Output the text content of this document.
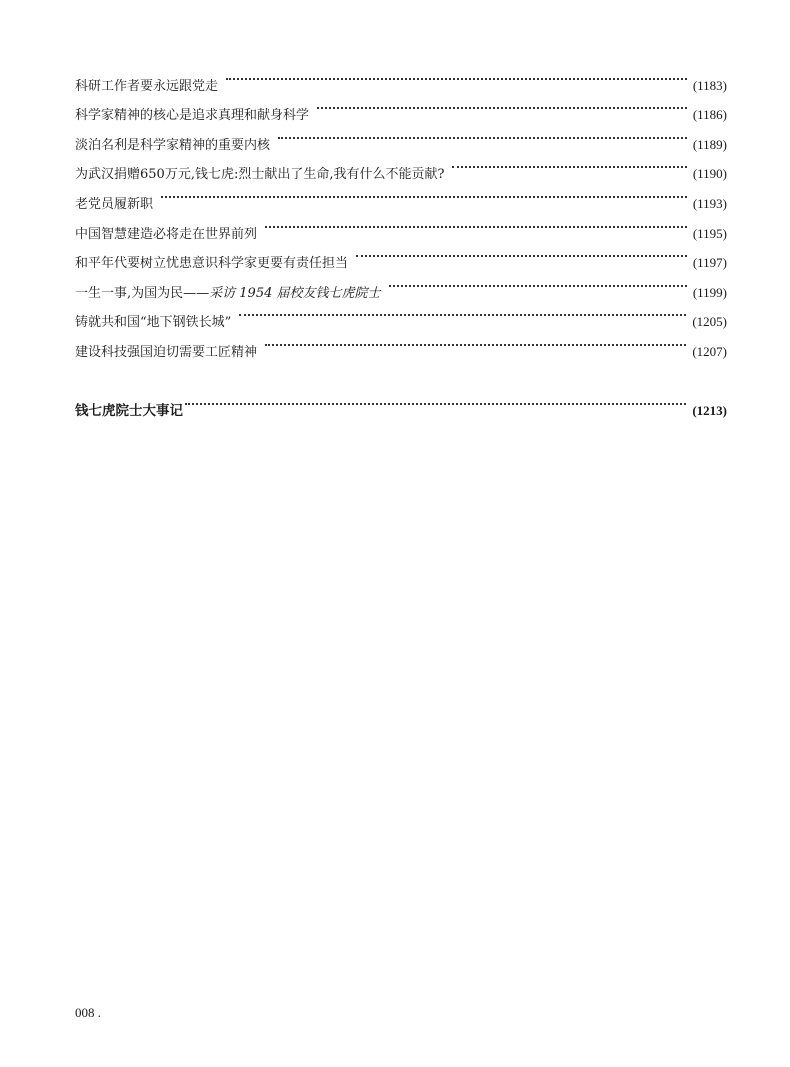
科研工作者要永远跟党走	(1183)
科学家精神的核心是追求真理和献身科学	(1186)
淡泊名利是科学家精神的重要内核	(1189)
为武汉捐赠650万元,钱七虎:烈士献出了生命,我有什么不能贡献?	(1190)
老党员履新职	(1193)
中国智慧建造必将走在世界前列	(1195)
和平年代要树立忧患意识科学家更要有责任担当	(1197)
一生一事,为国为民——采访 1954 届校友钱七虎院士	(1199)
铸就共和国“地下钢铁长城”	(1205)
建设科技强国迫切需要工匠精神	(1207)
钱七虎院士大事记	(1213)
008 .
